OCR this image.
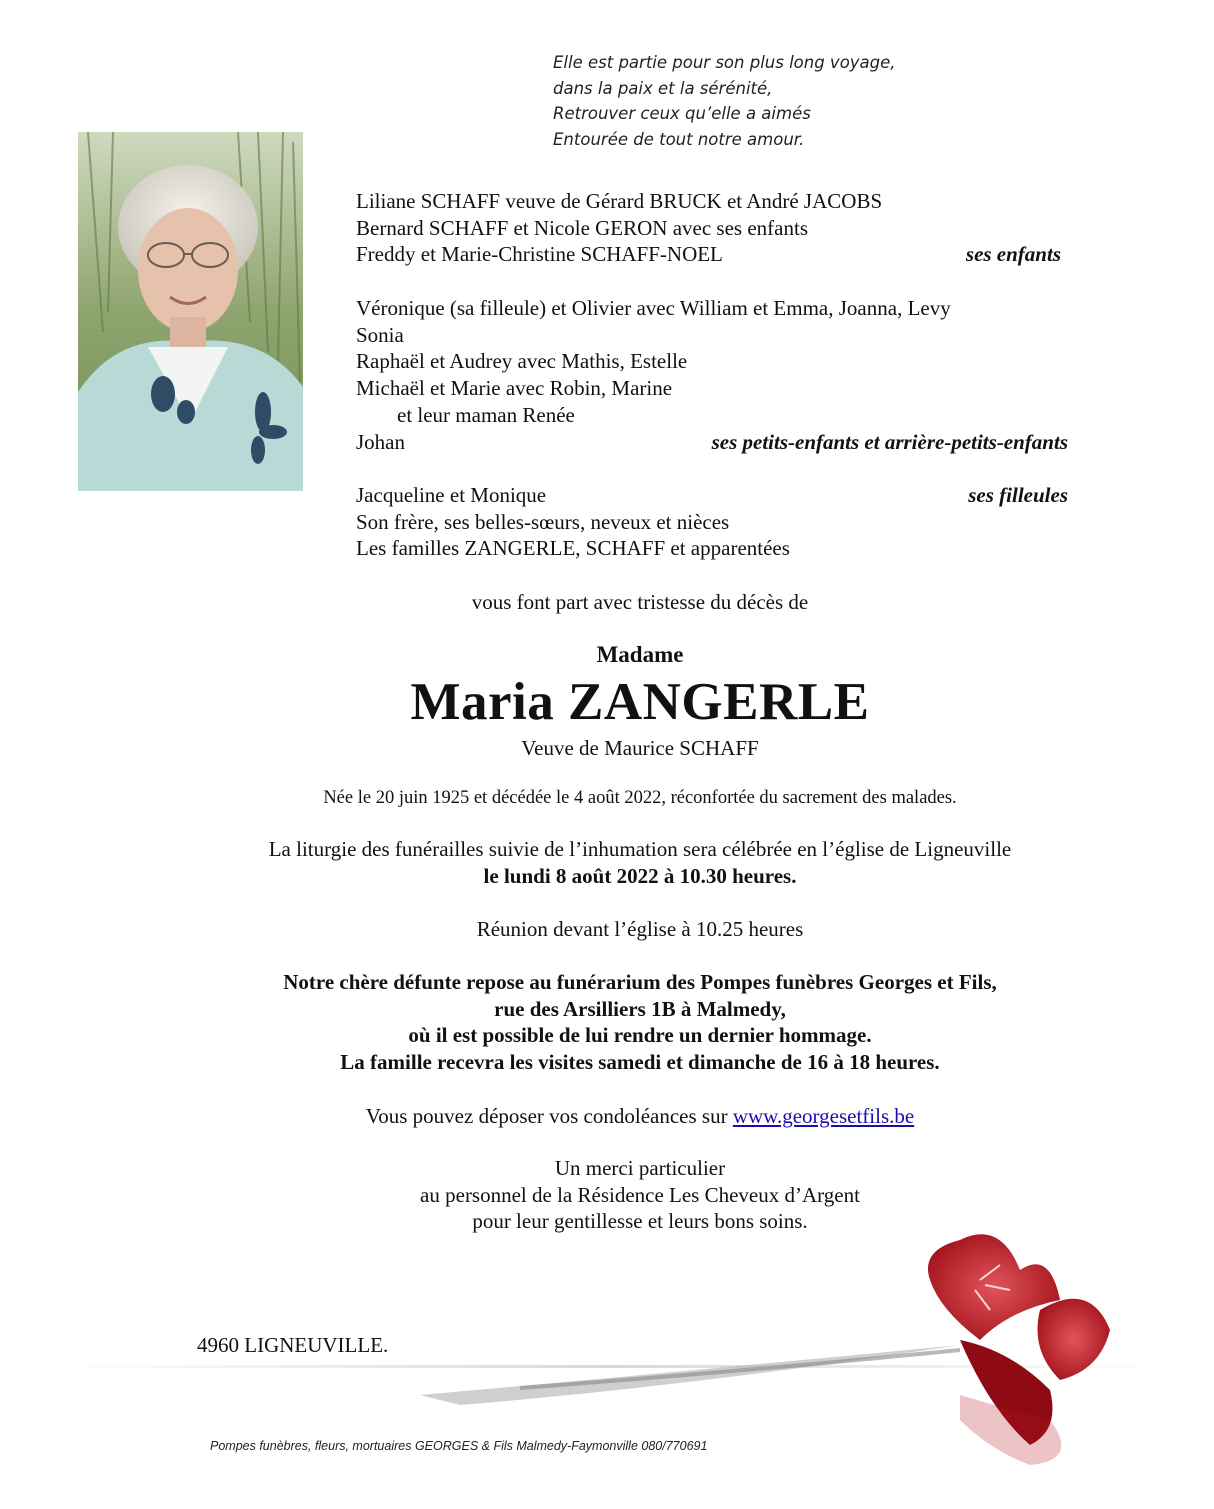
Elle est partie pour son plus long voyage,
dans la paix et la sérénité,
Retrouver ceux qu’elle a aimés
Entourée de tout notre amour.
Liliane SCHAFF veuve de Gérard BRUCK et André JACOBS
Bernard SCHAFF et Nicole GERON avec ses enfants
Freddy et Marie-Christine SCHAFF-NOEL	ses enfants
Véronique (sa filleule) et Olivier avec William et Emma, Joanna, Levy
Sonia
Raphaël et Audrey avec Mathis, Estelle
Michaël et Marie avec Robin, Marine
et leur maman Renée
Johan	ses petits-enfants et arrière-petits-enfants
Jacqueline et Monique	ses filleules
Son frère, ses belles-sœurs, neveux et nièces
Les familles ZANGERLE, SCHAFF et apparentées
vous font part avec tristesse du décès de
Madame
Maria ZANGERLE
Veuve de Maurice SCHAFF
Née le 20 juin 1925 et décédée le 4 août 2022, réconfortée du sacrement des malades.
La liturgie des funérailles suivie de l’inhumation sera célébrée en l’église de Ligneuville
le lundi 8 août 2022 à 10.30 heures.
Réunion devant l’église à 10.25 heures
Notre chère défunte repose au funérarium des Pompes funèbres Georges et Fils,
rue des Arsilliers 1B à Malmedy,
où il est possible de lui rendre un dernier hommage.
La famille recevra les visites samedi et dimanche de 16 à 18 heures.
Vous pouvez déposer vos condoléances sur www.georgesetfils.be
Un merci particulier
au personnel de la Résidence Les Cheveux d’Argent
pour leur gentillesse et leurs bons soins.
4960 LIGNEUVILLE.
Pompes funèbres, fleurs, mortuaires GEORGES & Fils Malmedy-Faymonville 080/770691
